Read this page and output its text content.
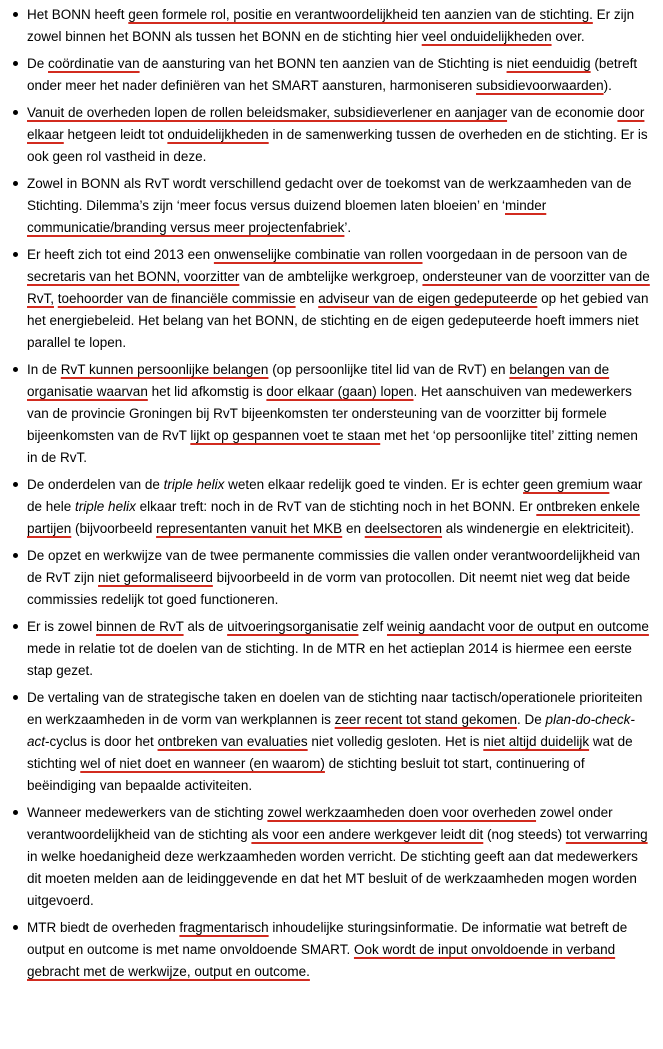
Het BONN heeft geen formele rol, positie en verantwoordelijkheid ten aanzien van de stichting. Er zijn zowel binnen het BONN als tussen het BONN en de stichting hier veel onduidelijkheden over.
De coördinatie van de aansturing van het BONN ten aanzien van de Stichting is niet eenduidig (betreft onder meer het nader definiëren van het SMART aansturen, harmoniseren subsidievoorwaarden).
Vanuit de overheden lopen de rollen beleidsmaker, subsidieverlener en aanjager van de economie door elkaar hetgeen leidt tot onduidelijkheden in de samenwerking tussen de overheden en de stichting. Er is ook geen rol vastheid in deze.
Zowel in BONN als RvT wordt verschillend gedacht over de toekomst van de werkzaamheden van de Stichting. Dilemma’s zijn ‘meer focus versus duizend bloemen laten bloeien’ en ‘minder communicatie/branding versus meer projectenfabriek’.
Er heeft zich tot eind 2013 een onwenselijke combinatie van rollen voorgedaan in de persoon van de secretaris van het BONN, voorzitter van de ambtelijke werkgroep, ondersteuner van de voorzitter van de RvT, toehoorder van de financiële commissie en adviseur van de eigen gedeputeerde op het gebied van het energiebeleid. Het belang van het BONN, de stichting en de eigen gedeputeerde hoeft immers niet parallel te lopen.
In de RvT kunnen persoonlijke belangen (op persoonlijke titel lid van de RvT) en belangen van de organisatie waarvan het lid afkomstig is door elkaar (gaan) lopen. Het aanschuiven van medewerkers van de provincie Groningen bij RvT bijeenkomsten ter ondersteuning van de voorzitter bij formele bijeenkomsten van de RvT lijkt op gespannen voet te staan met het ‘op persoonlijke titel’ zitting nemen in de RvT.
De onderdelen van de triple helix weten elkaar redelijk goed te vinden. Er is echter geen gremium waar de hele triple helix elkaar treft: noch in de RvT van de stichting noch in het BONN. Er ontbreken enkele partijen (bijvoorbeeld representanten vanuit het MKB en deelsectoren als windenergie en elektriciteit).
De opzet en werkwijze van de twee permanente commissies die vallen onder verantwoordelijkheid van de RvT zijn niet geformaliseerd bijvoorbeeld in de vorm van protocollen. Dit neemt niet weg dat beide commissies redelijk tot goed functioneren.
Er is zowel binnen de RvT als de uitvoeringsorganisatie zelf weinig aandacht voor de output en outcome mede in relatie tot de doelen van de stichting. In de MTR en het actieplan 2014 is hiermee een eerste stap gezet.
De vertaling van de strategische taken en doelen van de stichting naar tactisch/operationele prioriteiten en werkzaamheden in de vorm van werkplannen is zeer recent tot stand gekomen. De plan-do-check-act-cyclus is door het ontbreken van evaluaties niet volledig gesloten. Het is niet altijd duidelijk wat de stichting wel of niet doet en wanneer (en waarom) de stichting besluit tot start, continuering of beëindiging van bepaalde activiteiten.
Wanneer medewerkers van de stichting zowel werkzaamheden doen voor overheden zowel onder verantwoordelijkheid van de stichting als voor een andere werkgever leidt dit (nog steeds) tot verwarring in welke hoedanigheid deze werkzaamheden worden verricht. De stichting geeft aan dat medewerkers dit moeten melden aan de leidinggevende en dat het MT besluit of de werkzaamheden mogen worden uitgevoerd.
MTR biedt de overheden fragmentarisch inhoudelijke sturingsinformatie. De informatie wat betreft de output en outcome is met name onvoldoende SMART. Ook wordt de input onvoldoende in verband gebracht met de werkwijze, output en outcome.
